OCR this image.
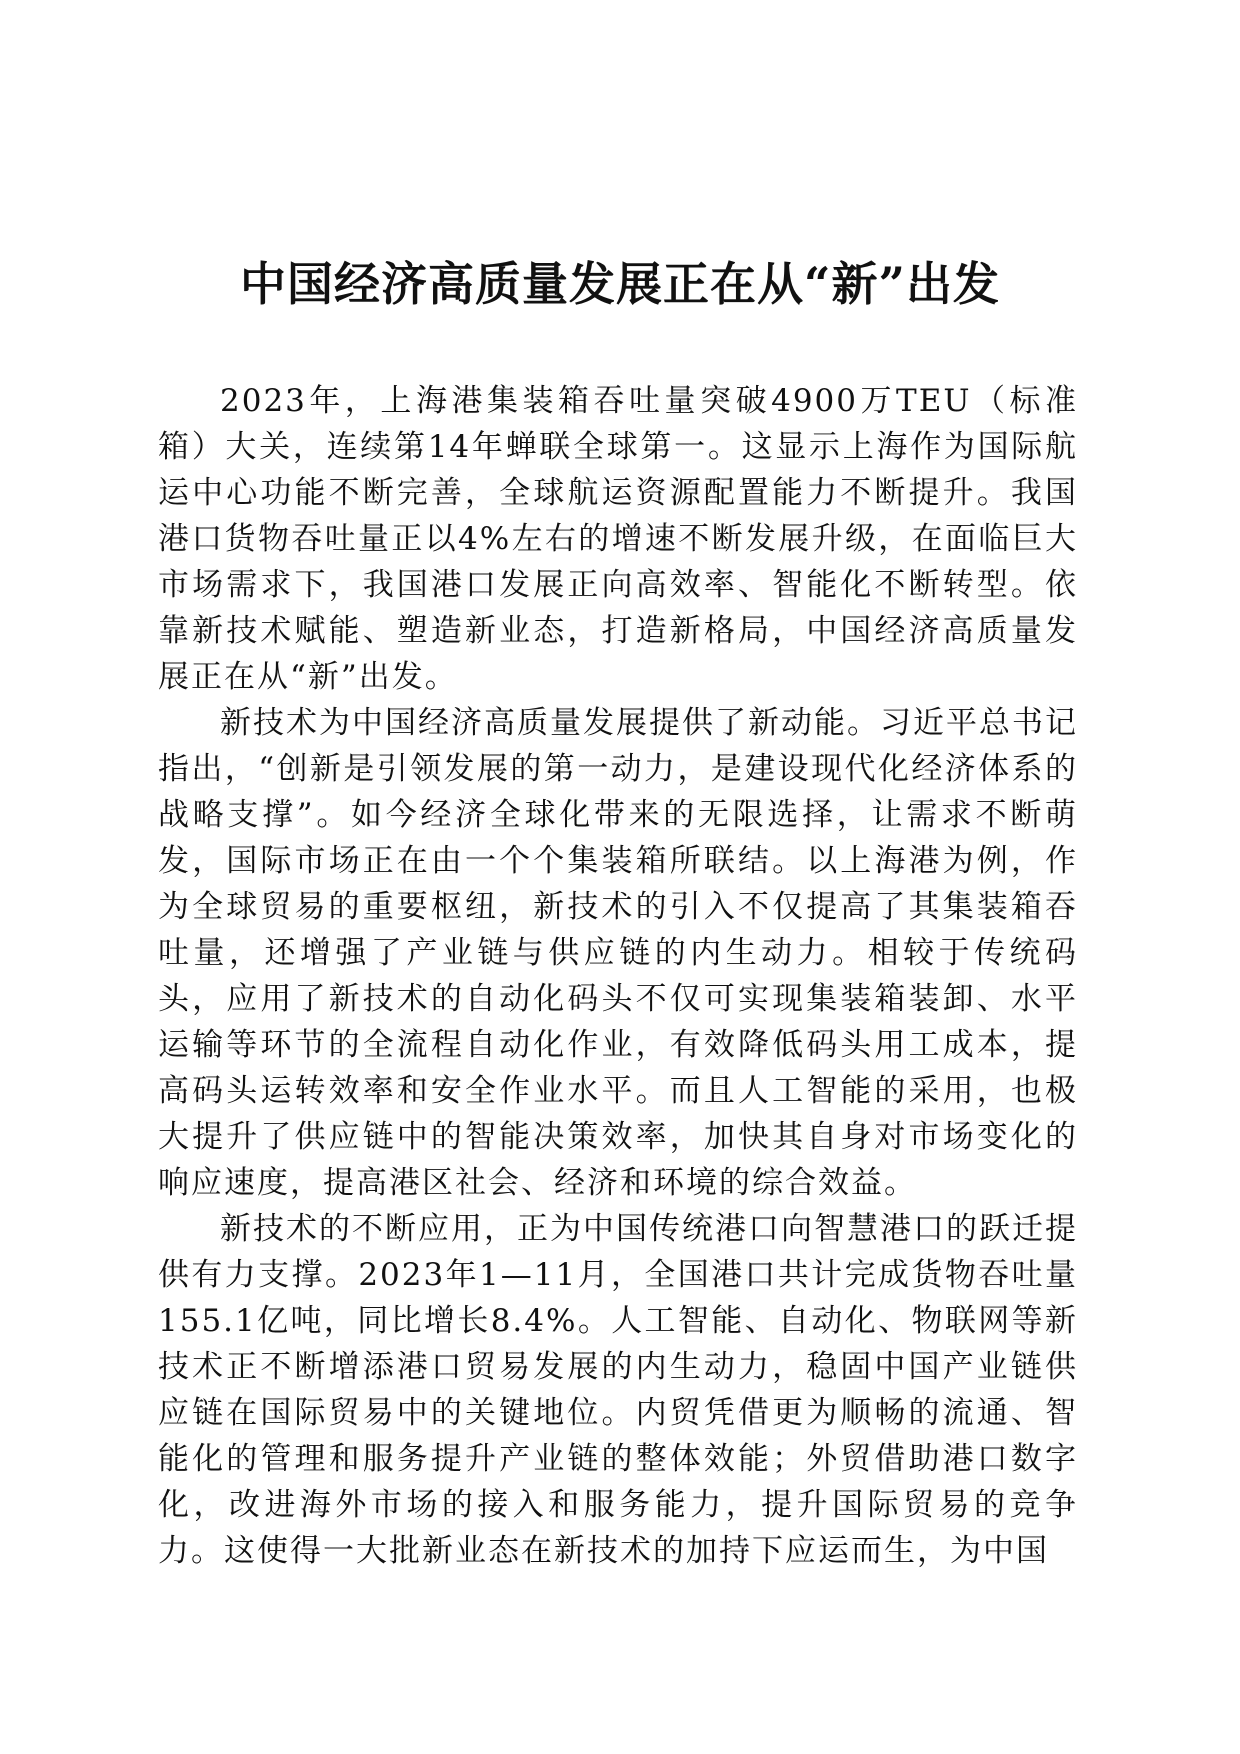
中国经济高质量发展正在从“新”出发

2023年，上海港集装箱吞吐量突破4900万TEU（标准箱）大关，连续第14年蝉联全球第一。这显示上海作为国际航运中心功能不断完善，全球航运资源配置能力不断提升。我国港口货物吞吐量正以4%左右的增速不断发展升级，在面临巨大市场需求下，我国港口发展正向高效率、智能化不断转型。依靠新技术赋能、塑造新业态，打造新格局，中国经济高质量发展正在从“新”出发。

新技术为中国经济高质量发展提供了新动能。习近平总书记指出，“创新是引领发展的第一动力，是建设现代化经济体系的战略支撑”。如今经济全球化带来的无限选择，让需求不断萌发，国际市场正在由一个个集装箱所联结。以上海港为例，作为全球贸易的重要枢纽，新技术的引入不仅提高了其集装箱吞吐量，还增强了产业链与供应链的内生动力。相较于传统码头，应用了新技术的自动化码头不仅可实现集装箱装卸、水平运输等环节的全流程自动化作业，有效降低码头用工成本，提高码头运转效率和安全作业水平。而且人工智能的采用，也极大提升了供应链中的智能决策效率，加快其自身对市场变化的响应速度，提高港区社会、经济和环境的综合效益。

新技术的不断应用，正为中国传统港口向智慧港口的跃迁提供有力支撑。2023年1—11月，全国港口共计完成货物吞吐量155.1亿吨，同比增长8.4%。人工智能、自动化、物联网等新技术正不断增添港口贸易发展的内生动力，稳固中国产业链供应链在国际贸易中的关键地位。内贸凭借更为顺畅的流通、智能化的管理和服务提升产业链的整体效能；外贸借助港口数字化，改进海外市场的接入和服务能力，提升国际贸易的竞争力。这使得一大批新业态在新技术的加持下应运而生，为中国
